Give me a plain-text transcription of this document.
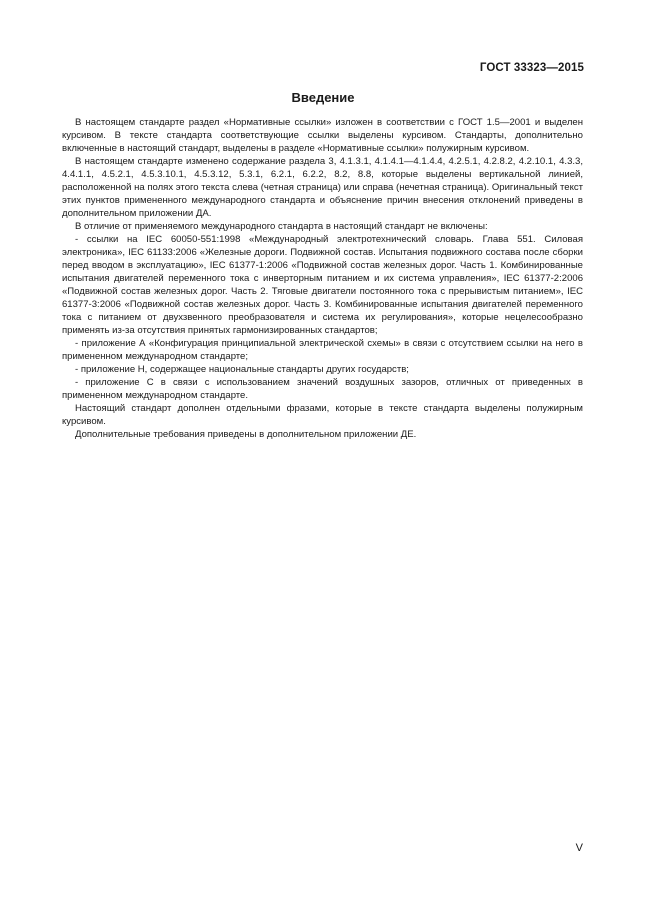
ГОСТ 33323—2015
Введение

В настоящем стандарте раздел «Нормативные ссылки» изложен в соответствии с ГОСТ 1.5—2001 и выделен курсивом. В тексте стандарта соответствующие ссылки выделены курсивом. Стандарты, дополнительно включенные в настоящий стандарт, выделены в разделе «Нормативные ссылки» полужирным курсивом.

В настоящем стандарте изменено содержание раздела 3, 4.1.3.1, 4.1.4.1—4.1.4.4, 4.2.5.1, 4.2.8.2, 4.2.10.1, 4.3.3, 4.4.1.1, 4.5.2.1, 4.5.3.10.1, 4.5.3.12, 5.3.1, 6.2.1, 6.2.2, 8.2, 8.8, которые выделены вертикальной линией, расположенной на полях этого текста слева (четная страница) или справа (нечетная страница). Оригинальный текст этих пунктов примененного международного стандарта и объяснение причин внесения отклонений приведены в дополнительном приложении ДА.

В отличие от применяемого международного стандарта в настоящий стандарт не включены:

- ссылки на IEC 60050-551:1998 «Международный электротехнический словарь. Глава 551. Силовая электроника», IEC 61133:2006 «Железные дороги. Подвижной состав. Испытания подвижного состава после сборки перед вводом в эксплуатацию», IEC 61377-1:2006 «Подвижной состав железных дорог. Часть 1. Комбинированные испытания двигателей переменного тока с инверторным питанием и их система управления», IEC 61377-2:2006 «Подвижной состав железных дорог. Часть 2. Тяговые двигатели постоянного тока с прерывистым питанием», IEC 61377-3:2006 «Подвижной состав железных дорог. Часть 3. Комбинированные испытания двигателей переменного тока с питанием от двухзвенного преобразователя и система их регулирования», которые нецелесообразно применять из-за отсутствия принятых гармонизированных стандартов;

- приложение А «Конфигурация принципиальной электрической схемы» в связи с отсутствием ссылки на него в примененном международном стандарте;

- приложение Н, содержащее национальные стандарты других государств;

- приложение С в связи с использованием значений воздушных зазоров, отличных от приведенных в примененном международном стандарте.

Настоящий стандарт дополнен отдельными фразами, которые в тексте стандарта выделены полужирным курсивом.

Дополнительные требования приведены в дополнительном приложении ДЕ.

V
